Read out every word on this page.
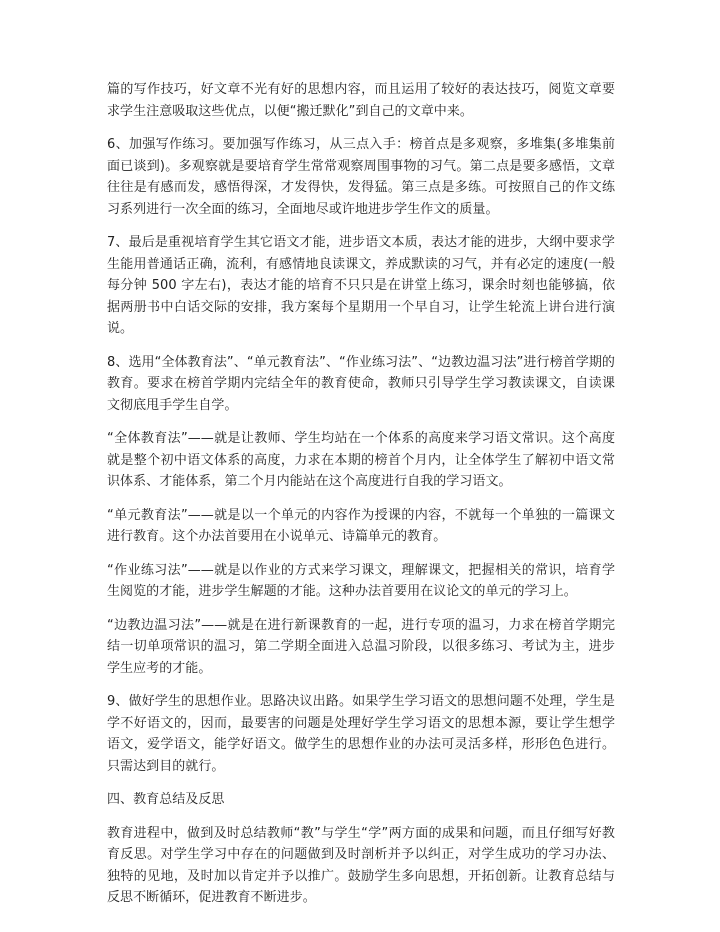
篇的写作技巧，好文章不光有好的思想内容，而且运用了较好的表达技巧，阅览文章要求学生注意吸取这些优点，以便“搬迁默化”到自己的文章中来。

6、加强写作练习。要加强写作练习，从三点入手：榜首点是多观察，多堆集(多堆集前面已谈到)。多观察就是要培育学生常常观察周围事物的习气。第二点是要多感悟，文章往往是有感而发，感悟得深，才发得快，发得猛。第三点是多练。可按照自己的作文练习系列进行一次全面的练习，全面地尽或许地进步学生作文的质量。

7、最后是重视培育学生其它语文才能，进步语文本质，表达才能的进步，大纲中要求学生能用普通话正确，流利，有感情地良读课文，养成默读的习气，并有必定的速度(一般每分钟 500 字左右)，表达才能的培育不只只是在讲堂上练习，课余时刻也能够搞，依据两册书中白话交际的安排，我方案每个星期用一个早自习，让学生轮流上讲台进行演说。

8、选用“全体教育法”、“单元教育法”、“作业练习法”、“边教边温习法”进行榜首学期的教育。要求在榜首学期内完结全年的教育使命，教师只引导学生学习教读课文，自读课文彻底甩手学生自学。

“全体教育法”——就是让教师、学生均站在一个体系的高度来学习语文常识。这个高度就是整个初中语文体系的高度，力求在本期的榜首个月内，让全体学生了解初中语文常识体系、才能体系，第二个月内能站在这个高度进行自我的学习语文。

“单元教育法”——就是以一个单元的内容作为授课的内容，不就每一个单独的一篇课文进行教育。这个办法首要用在小说单元、诗篇单元的教育。

“作业练习法”——就是以作业的方式来学习课文，理解课文，把握相关的常识，培育学生阅览的才能，进步学生解题的才能。这种办法首要用在议论文的单元的学习上。

“边教边温习法”——就是在进行新课教育的一起，进行专项的温习，力求在榜首学期完结一切单项常识的温习，第二学期全面进入总温习阶段，以很多练习、考试为主，进步学生应考的才能。

9、做好学生的思想作业。思路决议出路。如果学生学习语文的思想问题不处理，学生是学不好语文的，因而，最要害的问题是处理好学生学习语文的思想本源，要让学生想学语文，爱学语文，能学好语文。做学生的思想作业的办法可灵活多样，形形色色进行。只需达到目的就行。

四、教育总结及反思

教育进程中，做到及时总结教师“教”与学生“学”两方面的成果和问题，而且仔细写好教育反思。对学生学习中存在的问题做到及时剖析并予以纠正，对学生成功的学习办法、独特的见地，及时加以肯定并予以推广。鼓励学生多向思想，开拓创新。让教育总结与反思不断循环，促进教育不断进步。
